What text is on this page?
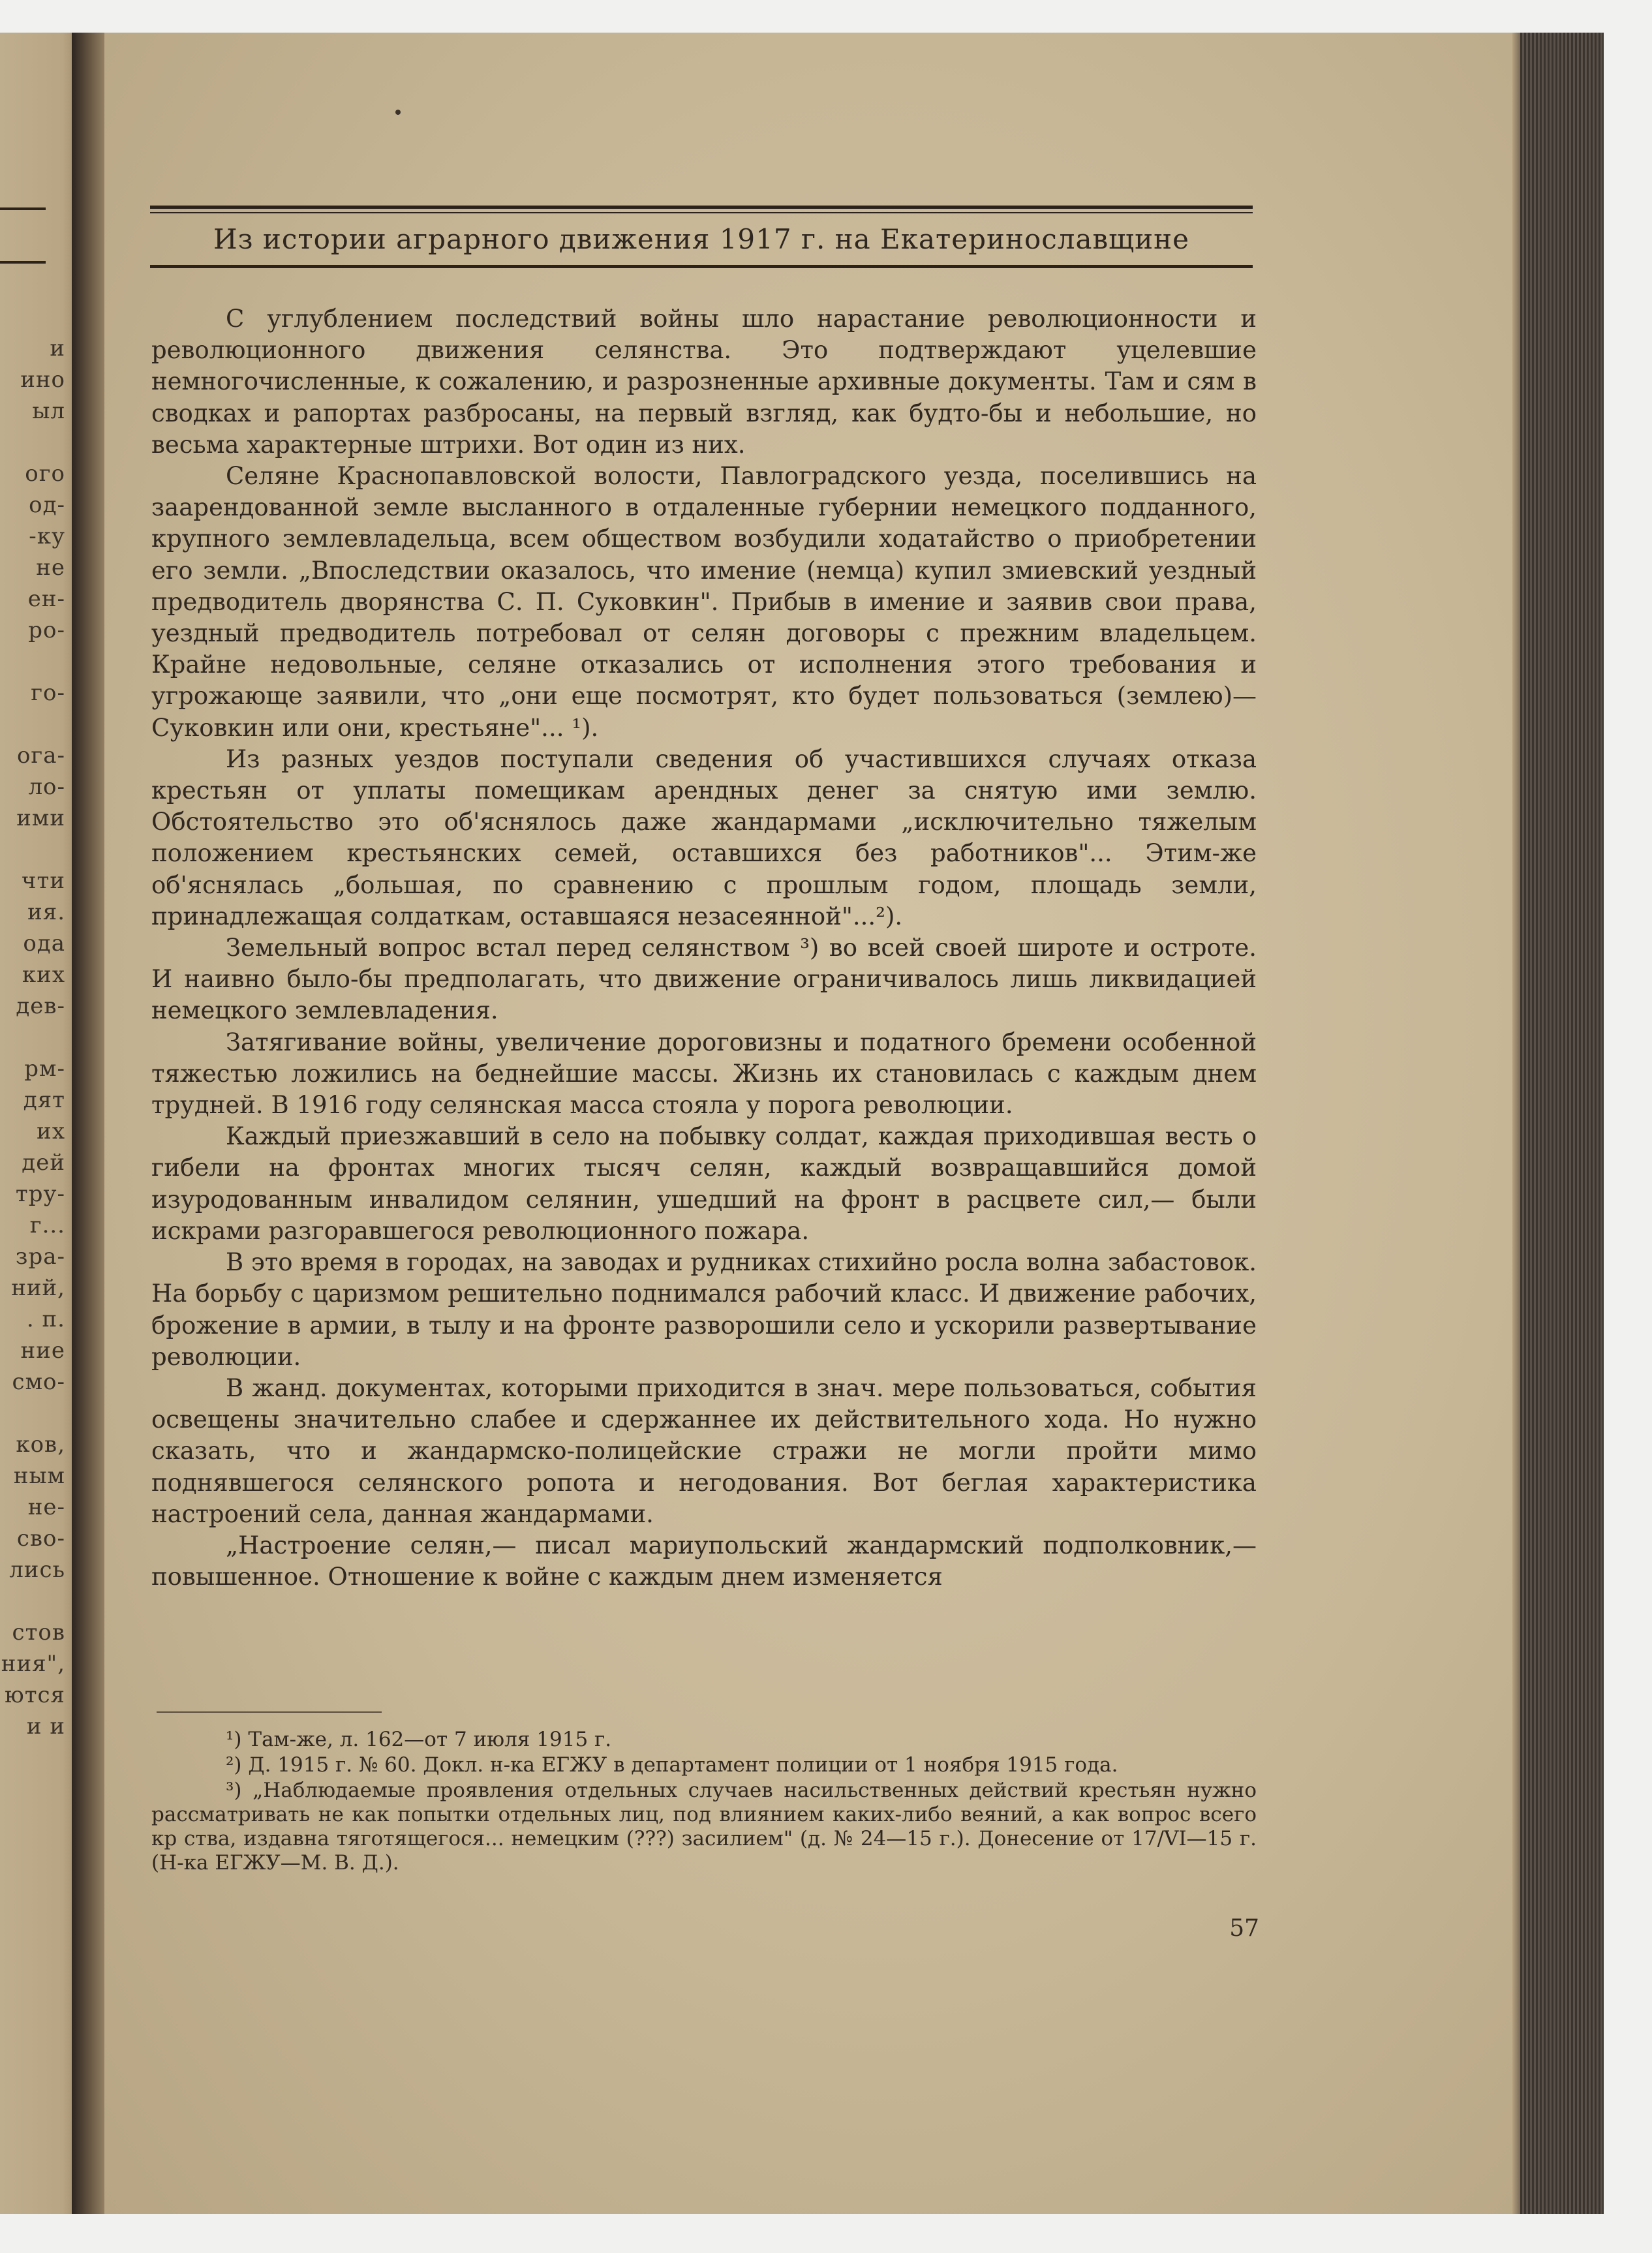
и
ино
ыл
ого
од-
-ку
не
ен-
ро-
го-
ога-
ло-
ими
чти
ия.
ода
ких
дев-
рм-
дят
их
дей
тру-
г...
зра-
ний,
. п.
ние
смо-
ков,
ным
не-
сво-
лись
стов
ния",
ются
и и
Из истории аграрного движения 1917 г. на Екатеринославщине

С углублением последствий войны шло нарастание революционности и революционного движения селянства. Это подтверждают уцелевшие немногочисленные, к сожалению, и разрозненные архивные документы. Там и сям в сводках и рапортах разбросаны, на первый взгляд, как будто-бы и небольшие, но весьма характерные штрихи. Вот один из них.

Селяне Краснопавловской волости, Павлоградского уезда, поселившись на заарендованной земле высланного в отдаленные губернии немецкого подданного, крупного землевладельца, всем обществом возбудили ходатайство о приобретении его земли. „Впоследствии оказалось, что имение (немца) купил змиевский уездный предводитель дворянства С. П. Суковкин". Прибыв в имение и заявив свои права, уездный предводитель потребовал от селян договоры с прежним владельцем. Крайне недовольные, селяне отказались от исполнения этого требования и угрожающе заявили, что „они еще посмотрят, кто будет пользоваться (землею)—Суковкин или они, крестьяне"... ¹).

Из разных уездов поступали сведения об участившихся случаях отказа крестьян от уплаты помещикам арендных денег за снятую ими землю. Обстоятельство это об'яснялось даже жандармами „исключительно тяжелым положением крестьянских семей, оставшихся без работников"... Этим-же об'яснялась „большая, по сравнению с прошлым годом, площадь земли, принадлежащая солдаткам, оставшаяся незасеянной"...²).

Земельный вопрос встал перед селянством ³) во всей своей широте и остроте. И наивно было-бы предполагать, что движение ограничивалось лишь ликвидацией немецкого землевладения.

Затягивание войны, увеличение дороговизны и податного бремени особенной тяжестью ложились на беднейшие массы. Жизнь их становилась с каждым днем трудней. В 1916 году селянская масса стояла у порога революции.

Каждый приезжавший в село на побывку солдат, каждая приходившая весть о гибели на фронтах многих тысяч селян, каждый возвращавшийся домой изуродованным инвалидом селянин, ушедший на фронт в расцвете сил,— были искрами разгоравшегося революционного пожара.

В это время в городах, на заводах и рудниках стихийно росла волна забастовок. На борьбу с царизмом решительно поднимался рабочий класс. И движение рабочих, брожение в армии, в тылу и на фронте разворошили село и ускорили развертывание революции.

В жанд. документах, которыми приходится в знач. мере пользоваться, события освещены значительно слабее и сдержаннее их действительного хода. Но нужно сказать, что и жандармско-полицейские стражи не могли пройти мимо поднявшегося селянского ропота и негодования. Вот беглая характеристика настроений села, данная жандармами.

„Настроение селян,— писал мариупольский жандармский подполковник,— повышенное. Отношение к войне с каждым днем изменяется

¹) Там-же, л. 162—от 7 июля 1915 г.

²) Д. 1915 г. № 60. Докл. н-ка ЕГЖУ в департамент полиции от 1 ноября 1915 года.

³) „Наблюдаемые проявления отдельных случаев насильственных действий крестьян нужно рассматривать не как попытки отдельных лиц, под влиянием каких-либо веяний, а как вопрос всего кр ства, издавна тяготящегося... немецким (???) засилием" (д. № 24—15 г.). Донесение от 17/VI—15 г. (Н-ка ЕГЖУ—М. В. Д.).

57
